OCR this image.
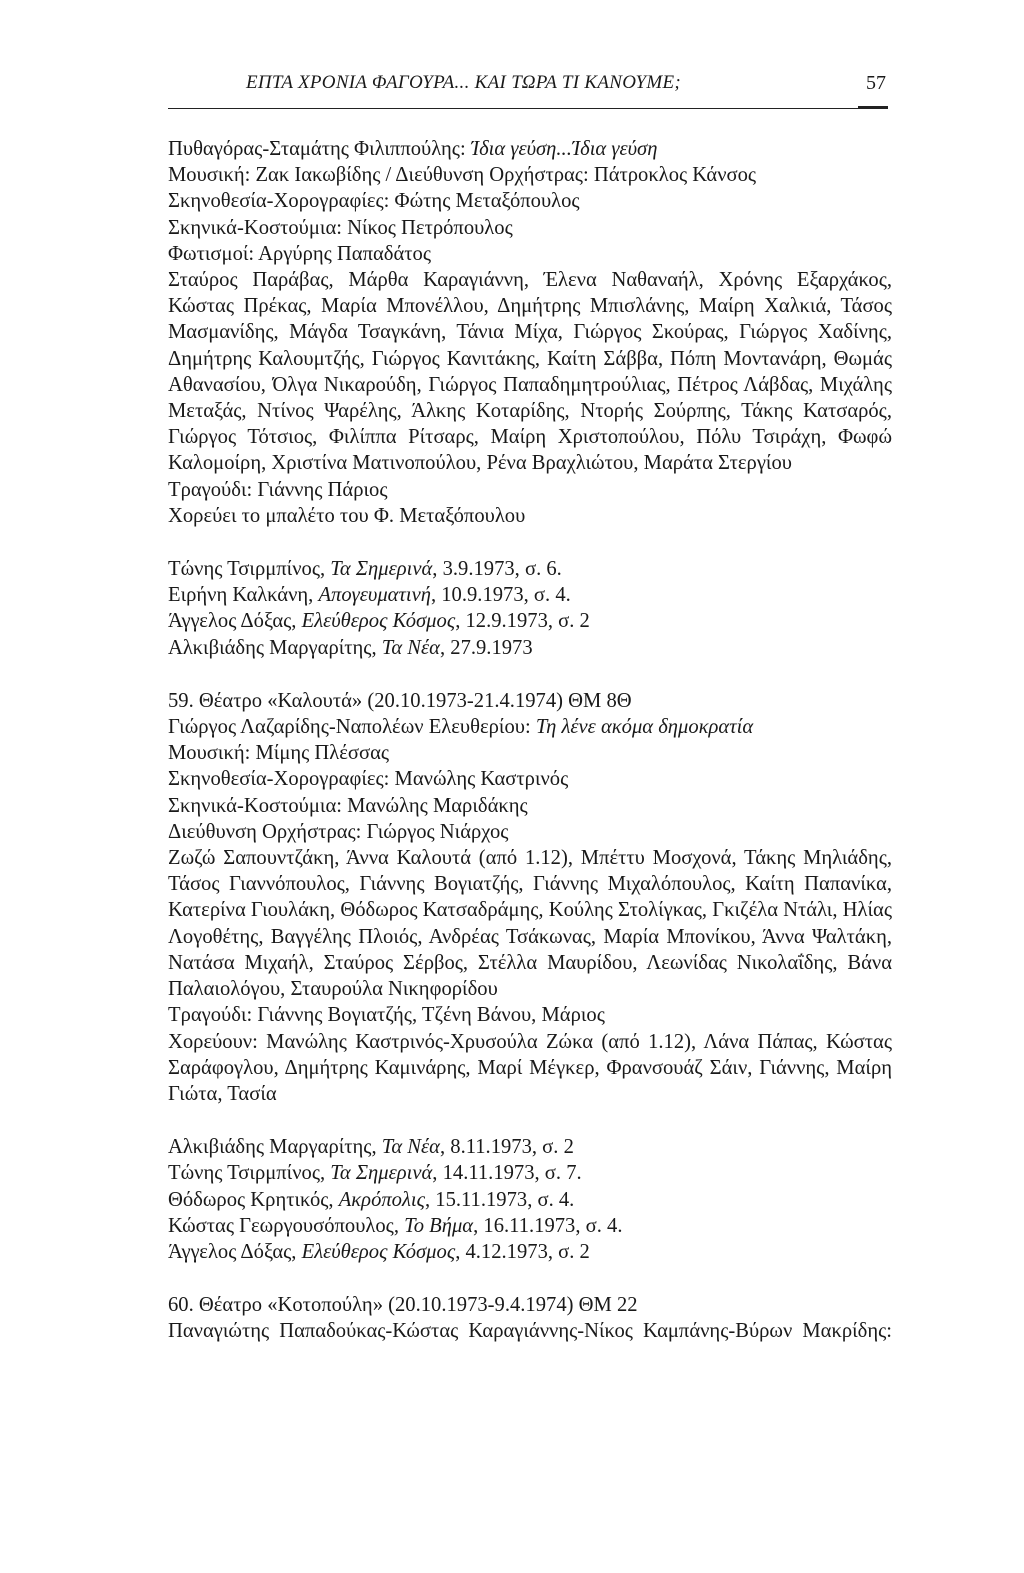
ΕΠΤΑ ΧΡΟΝΙΑ ΦΑΓΟΥΡΑ... ΚΑΙ ΤΩΡΑ ΤΙ ΚΑΝΟΥΜΕ;	57

Πυθαγόρας-Σταμάτης Φιλιππούλης: Ίδια γεύση...Ίδια γεύση

Μουσική: Ζακ Ιακωβίδης / Διεύθυνση Ορχήστρας: Πάτροκλος Κάνσος

Σκηνοθεσία-Χορογραφίες: Φώτης Μεταξόπουλος

Σκηνικά-Κοστούμια: Νίκος Πετρόπουλος

Φωτισμοί: Αργύρης Παπαδάτος

Σταύρος Παράβας, Μάρθα Καραγιάννη, Έλενα Ναθαναήλ, Χρόνης Εξαρχάκος, Κώστας Πρέκας, Μαρία Μπονέλλου, Δημήτρης Μπισλάνης, Μαίρη Χαλκιά, Τάσος Μασμανίδης, Μάγδα Τσαγκάνη, Τάνια Μίχα, Γιώργος Σκούρας, Γιώργος Χαδίνης, Δημήτρης Καλουμτζής, Γιώργος Κανιτάκης, Καίτη Σάββα, Πόπη Μοντανάρη, Θωμάς Αθανασίου, Όλγα Νικαρούδη, Γιώργος Παπαδημητρούλιας, Πέτρος Λάβδας, Μιχάλης Μεταξάς, Ντίνος Ψαρέλης, Άλκης Κοταρίδης, Ντορής Σούρπης, Τάκης Κατσαρός, Γιώργος Τότσιος, Φιλίππα Ρίτσαρς, Μαίρη Χριστοπούλου, Πόλυ Τσιράχη, Φωφώ Καλομοίρη, Χριστίνα Ματινοπούλου, Ρένα Βραχλιώτου, Μαράτα Στεργίου

Τραγούδι: Γιάννης Πάριος

Χορεύει το μπαλέτο του Φ. Μεταξόπουλου

Τώνης Τσιρμπίνος, Τα Σημερινά, 3.9.1973, σ. 6.

Ειρήνη Καλκάνη, Απογευματινή, 10.9.1973, σ. 4.

Άγγελος Δόξας, Ελεύθερος Κόσμος, 12.9.1973, σ. 2

Αλκιβιάδης Μαργαρίτης, Τα Νέα, 27.9.1973

59. Θέατρο «Καλουτά» (20.10.1973-21.4.1974) ΘΜ 8Θ

Γιώργος Λαζαρίδης-Ναπολέων Ελευθερίου: Τη λένε ακόμα δημοκρατία

Μουσική: Μίμης Πλέσσας

Σκηνοθεσία-Χορογραφίες: Μανώλης Καστρινός

Σκηνικά-Κοστούμια: Μανώλης Μαριδάκης

Διεύθυνση Ορχήστρας: Γιώργος Νιάρχος

Ζωζώ Σαπουντζάκη, Άννα Καλουτά (από 1.12), Μπέττυ Μοσχονά, Τάκης Μηλιάδης, Τάσος Γιαννόπουλος, Γιάννης Βογιατζής, Γιάννης Μιχαλόπουλος, Καίτη Παπανίκα, Κατερίνα Γιουλάκη, Θόδωρος Κατσαδράμης, Κούλης Στολίγκας, Γκιζέλα Ντάλι, Ηλίας Λογοθέτης, Βαγγέλης Πλοιός, Ανδρέας Τσάκωνας, Μαρία Μπονίκου, Άννα Ψαλτάκη, Νατάσα Μιχαήλ, Σταύρος Σέρβος, Στέλλα Μαυρίδου, Λεωνίδας Νικολαΐδης, Βάνα Παλαιολόγου, Σταυρούλα Νικηφορίδου

Τραγούδι: Γιάννης Βογιατζής, Τζένη Βάνου, Μάριος

Χορεύουν: Μανώλης Καστρινός-Χρυσούλα Ζώκα (από 1.12), Λάνα Πάπας, Κώστας Σαράφογλου, Δημήτρης Καμινάρης, Μαρί Μέγκερ, Φρανσουάζ Σάιν, Γιάννης, Μαίρη Γιώτα, Τασία

Αλκιβιάδης Μαργαρίτης, Τα Νέα, 8.11.1973, σ. 2

Τώνης Τσιρμπίνος, Τα Σημερινά, 14.11.1973, σ. 7.

Θόδωρος Κρητικός, Ακρόπολις, 15.11.1973, σ. 4.

Κώστας Γεωργουσόπουλος, Το Βήμα, 16.11.1973, σ. 4.

Άγγελος Δόξας, Ελεύθερος Κόσμος, 4.12.1973, σ. 2

60. Θέατρο «Κοτοπούλη» (20.10.1973-9.4.1974) ΘΜ 22

Παναγιώτης Παπαδούκας-Κώστας Καραγιάννης-Νίκος Καμπάνης-Βύρων Μακρίδης:
